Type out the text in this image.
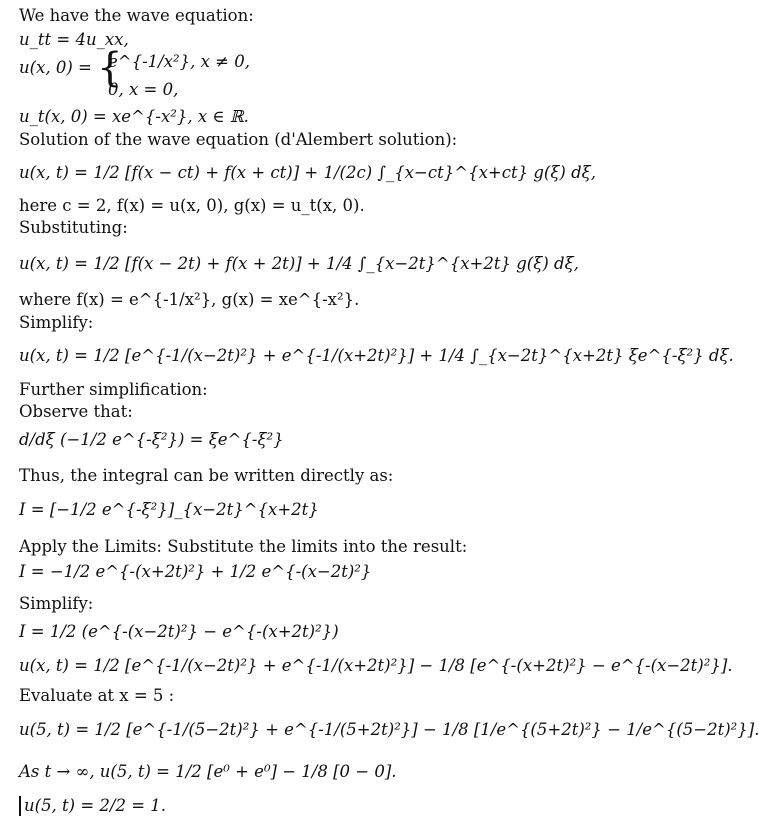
We have the wave equation:
u_tt = 4u_xx,
u(x, 0) = {
e^{-1/x²}, x ≠ 0,
0, x = 0,
u_t(x, 0) = xe^{-x²}, x ∈ ℝ.
Solution of the wave equation (d'Alembert solution):
u(x, t) = 1/2 [f(x − ct) + f(x + ct)] + 1/(2c) ∫_{x−ct}^{x+ct} g(ξ) dξ,
here c = 2, f(x) = u(x, 0), g(x) = u_t(x, 0).
Substituting:
u(x, t) = 1/2 [f(x − 2t) + f(x + 2t)] + 1/4 ∫_{x−2t}^{x+2t} g(ξ) dξ,
where f(x) = e^{-1/x²}, g(x) = xe^{-x²}.
Simplify:
u(x, t) = 1/2 [e^{-1/(x−2t)²} + e^{-1/(x+2t)²}] + 1/4 ∫_{x−2t}^{x+2t} ξe^{-ξ²} dξ.
Further simplification:
Observe that:
d/dξ (−1/2 e^{-ξ²}) = ξe^{-ξ²}
Thus, the integral can be written directly as:
I = [−1/2 e^{-ξ²}]_{x−2t}^{x+2t}
Apply the Limits: Substitute the limits into the result:
I = −1/2 e^{-(x+2t)²} + 1/2 e^{-(x−2t)²}
Simplify:
I = 1/2 (e^{-(x−2t)²} − e^{-(x+2t)²})
u(x, t) = 1/2 [e^{-1/(x−2t)²} + e^{-1/(x+2t)²}] − 1/8 [e^{-(x+2t)²} − e^{-(x−2t)²}].
Evaluate at x = 5 :
u(5, t) = 1/2 [e^{-1/(5−2t)²} + e^{-1/(5+2t)²}] − 1/8 [1/e^{(5+2t)²} − 1/e^{(5−2t)²}].
As t → ∞, u(5, t) = 1/2 [e⁰ + e⁰] − 1/8 [0 − 0].
u(5, t) = 2/2 = 1.
